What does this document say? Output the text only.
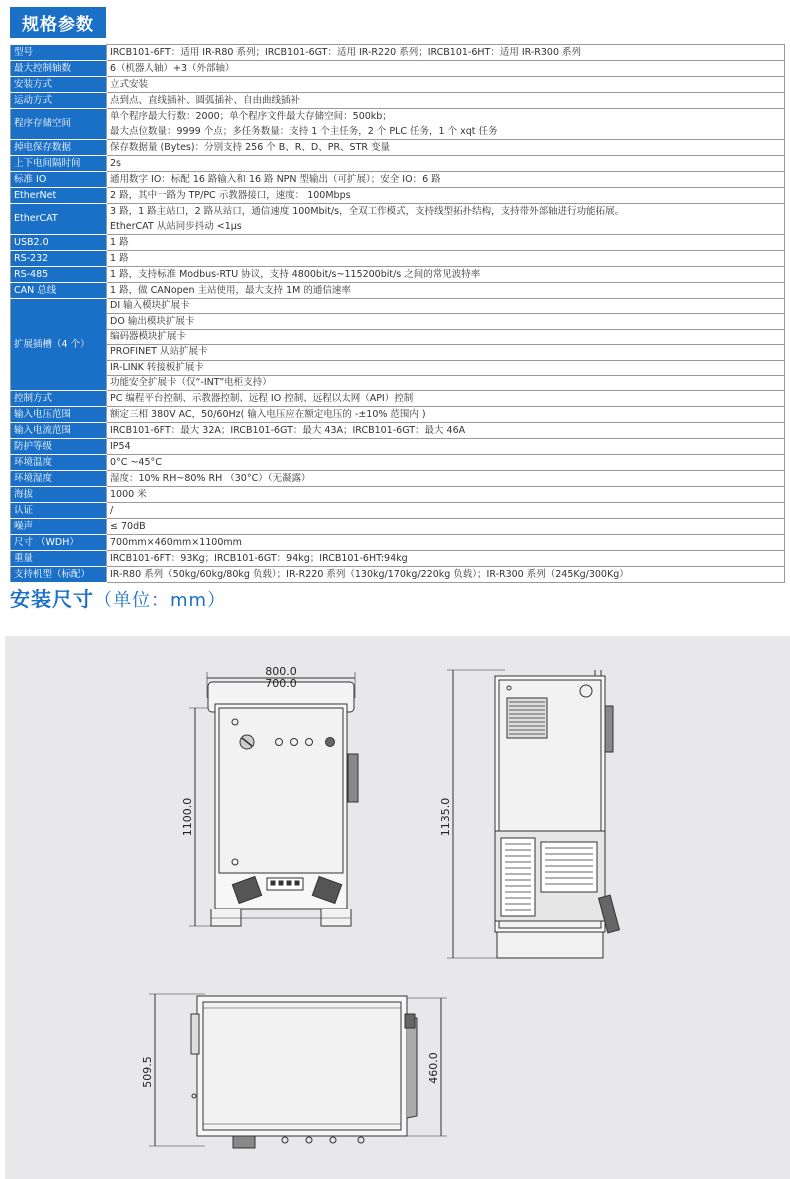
规格参数
型号	IRCB101-6FT：适用 IR-R80 系列；IRCB101-6GT：适用 IR-R220 系列；IRCB101-6HT：适用 IR-R300 系列

最大控制轴数	6（机器人轴）+3（外部轴）

安装方式	立式安装

运动方式	点到点、直线插补、圆弧插补、自由曲线插补

程序存储空间	单个程序最大行数：2000；单个程序文件最大存储空间：500kb；
最大点位数量：9999 个点；多任务数量：支持 1 个主任务，2 个 PLC 任务，1 个 xqt 任务

掉电保存数据	保存数据量 (Bytes)：分别支持 256 个 B、R、D、PR、STR 变量

上下电间隔时间	2s

标准 IO	通用数字 IO：标配 16 路输入和 16 路 NPN 型输出（可扩展）；安全 IO：6 路

EtherNet	2 路，其中一路为 TP/PC 示教器接口，速度： 100Mbps

EtherCAT	3 路，1 路主站口，2 路从站口，通信速度 100Mbit/s，全双工作模式，支持线型拓扑结构，支持带外部轴进行功能拓展。
EtherCAT 从站同步抖动 <1µs

USB2.0	1 路

RS-232	1 路

RS-485	1 路，支持标准 Modbus-RTU 协议，支持 4800bit/s~115200bit/s 之间的常见波特率

CAN 总线	1 路，做 CANopen 主站使用，最大支持 1M 的通信速率

扩展插槽（4 个）	DI 输入模块扩展卡
	DO 输出模块扩展卡
	编码器模块扩展卡
	PROFINET 从站扩展卡
	IR-LINK 转接板扩展卡
	功能安全扩展卡（仅“-INT”电柜支持）
控制方式	PC 编程平台控制、示教器控制、远程 IO 控制、远程以太网（API）控制

输入电压范围	额定三相 380V AC，50/60Hz( 输入电压应在额定电压的 -±10% 范围内 )

输入电流范围	IRCB101-6FT：最大 32A；IRCB101-6GT：最大 43A；IRCB101-6GT：最大 46A

防护等级	IP54

环境温度	0°C ~45°C

环境湿度	湿度：10% RH~80% RH （30°C）（无凝露）

海拔	1000 米

认证	/

噪声	≤ 70dB

尺寸 （WDH）	700mm×460mm×1100mm

重量	IRCB101-6FT：93Kg；IRCB101-6GT：94kg；IRCB101-6HT:94kg

支持机型（标配）	IR-R80 系列（50kg/60kg/80kg 负载）；IR-R220 系列（130kg/170kg/220kg 负载）；IR-R300 系列（245Kg/300Kg）
安装尺寸（单位：mm）
800.0
700.0
1100.0	1135.0
509.5	460.0
